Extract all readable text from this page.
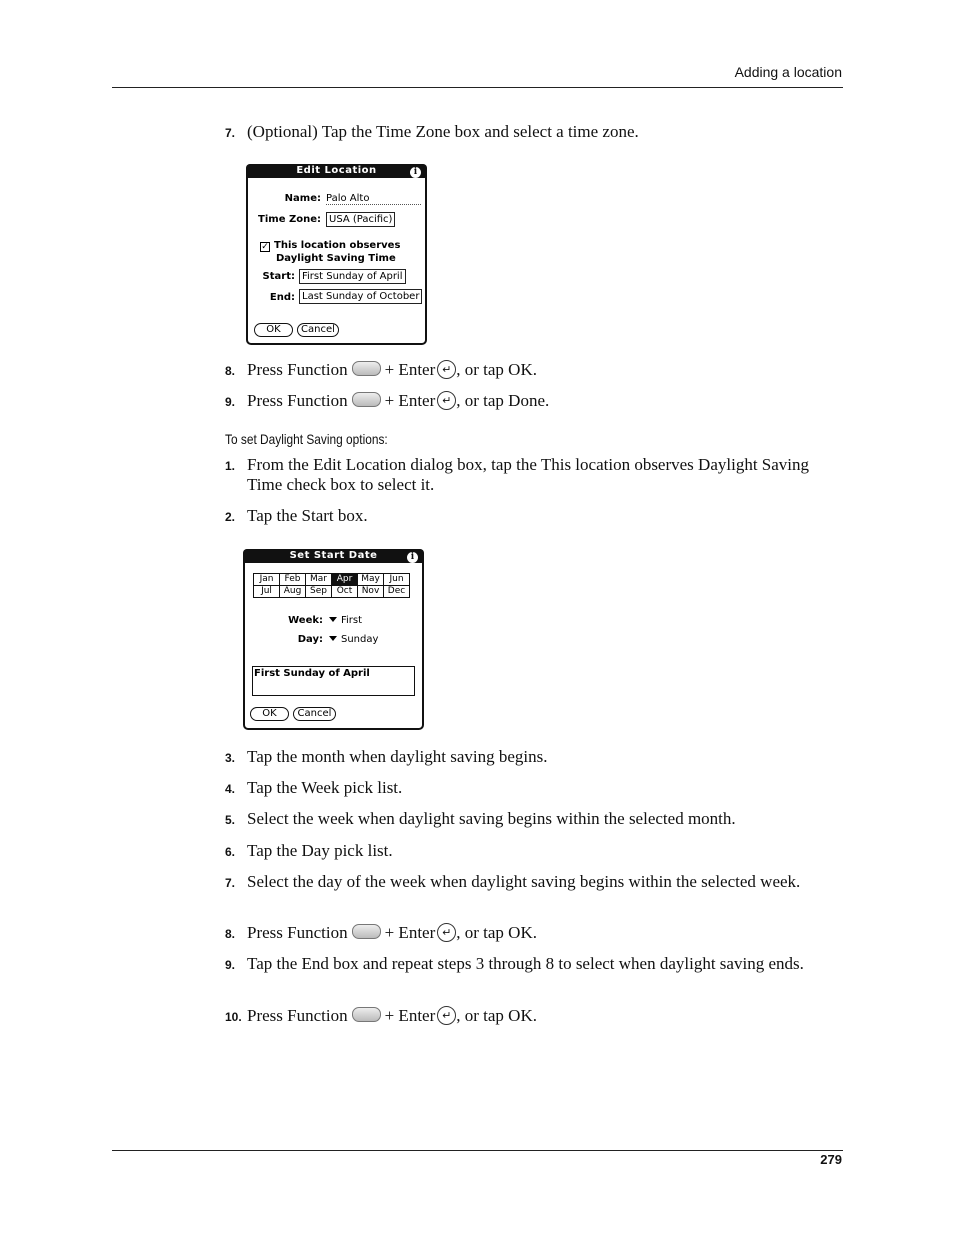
Adding a location
7. (Optional) Tap the Time Zone box and select a time zone.
Edit Location	i
Name: Palo Alto
Time Zone: USA (Pacific)
✓ This location observes
Daylight Saving Time
Start: First Sunday of April
End: Last Sunday of October
OK	Cancel
8. Press Function + Enter ↵ , or tap OK.
9. Press Function + Enter ↵ , or tap Done.
To set Daylight Saving options:
1. From the Edit Location dialog box, tap the This location observes Daylight Saving Time check box to select it.
2. Tap the Start box.
Set Start Date	i
Jan	Feb	Mar	Apr	May	Jun
Jul	Aug	Sep	Oct	Nov	Dec
Week:	First
Day:	Sunday
First Sunday of April
OK	Cancel
3. Tap the month when daylight saving begins.
4. Tap the Week pick list.
5. Select the week when daylight saving begins within the selected month.
6. Tap the Day pick list.
7. Select the day of the week when daylight saving begins within the selected week.
8. Press Function + Enter ↵ , or tap OK.
9. Tap the End box and repeat steps 3 through 8 to select when daylight saving ends.
10. Press Function + Enter ↵ , or tap OK.
279
